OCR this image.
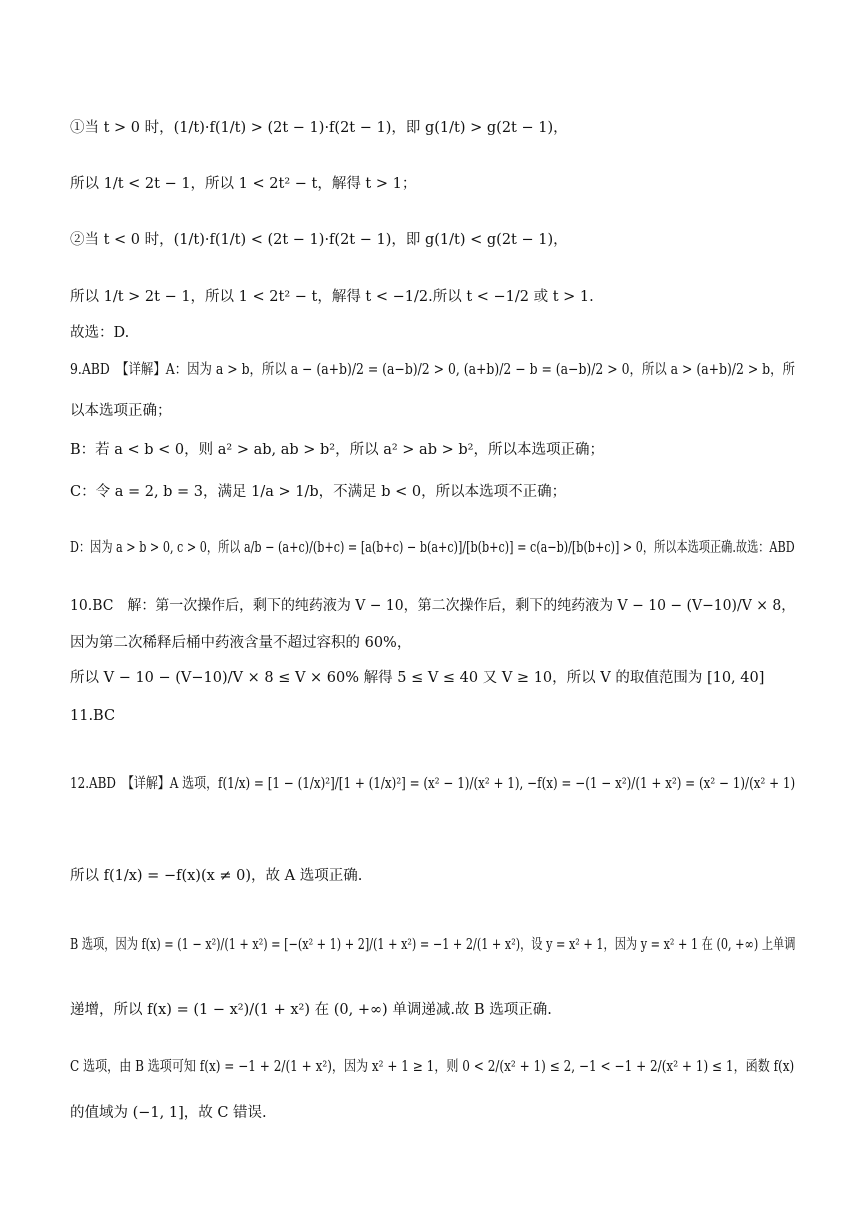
①当 t > 0 时，(1/t)·f(1/t) > (2t − 1)·f(2t − 1)，即 g(1/t) > g(2t − 1)，
所以 1/t < 2t − 1，所以 1 < 2t² − t，解得 t > 1；
②当 t < 0 时，(1/t)·f(1/t) < (2t − 1)·f(2t − 1)，即 g(1/t) < g(2t − 1)，
所以 1/t > 2t − 1，所以 1 < 2t² − t，解得 t < −1/2.所以 t < −1/2 或 t > 1.
故选：D.
9.ABD　【详解】A：因为 a > b，所以 a − (a+b)/2 = (a−b)/2 > 0, (a+b)/2 − b = (a−b)/2 > 0，所以 a > (a+b)/2 > b，所
以本选项正确；
B：若 a < b < 0，则 a² > ab, ab > b²，所以 a² > ab > b²，所以本选项正确；
C：令 a = 2, b = 3，满足 1/a > 1/b，不满足 b < 0，所以本选项不正确；
D：因为 a > b > 0, c > 0，所以 a/b − (a+c)/(b+c) = [a(b+c) − b(a+c)]/[b(b+c)] = c(a−b)/[b(b+c)] > 0，所以本选项正确.故选：ABD
10.BC　解：第一次操作后，剩下的纯药液为 V − 10，第二次操作后，剩下的纯药液为 V − 10 − (V−10)/V × 8，
因为第二次稀释后桶中药液含量不超过容积的 60%，
所以 V − 10 − (V−10)/V × 8 ≤ V × 60% 解得 5 ≤ V ≤ 40 又 V ≥ 10，所以 V 的取值范围为 [10, 40]
11.BC
12.ABD　【详解】A 选项，f(1/x) = [1 − (1/x)²]/[1 + (1/x)²] = (x² − 1)/(x² + 1), −f(x) = −(1 − x²)/(1 + x²) = (x² − 1)/(x² + 1)
所以 f(1/x) = −f(x)(x ≠ 0)，故 A 选项正确.
B 选项，因为 f(x) = (1 − x²)/(1 + x²) = [−(x² + 1) + 2]/(1 + x²) = −1 + 2/(1 + x²)，设 y = x² + 1，因为 y = x² + 1 在 (0, +∞) 上单调
递增，所以 f(x) = (1 − x²)/(1 + x²) 在 (0, +∞) 单调递减.故 B 选项正确.
C 选项，由 B 选项可知 f(x) = −1 + 2/(1 + x²)，因为 x² + 1 ≥ 1，则 0 < 2/(x² + 1) ≤ 2, −1 < −1 + 2/(x² + 1) ≤ 1，函数 f(x)
的值域为 (−1, 1]，故 C 错误.
